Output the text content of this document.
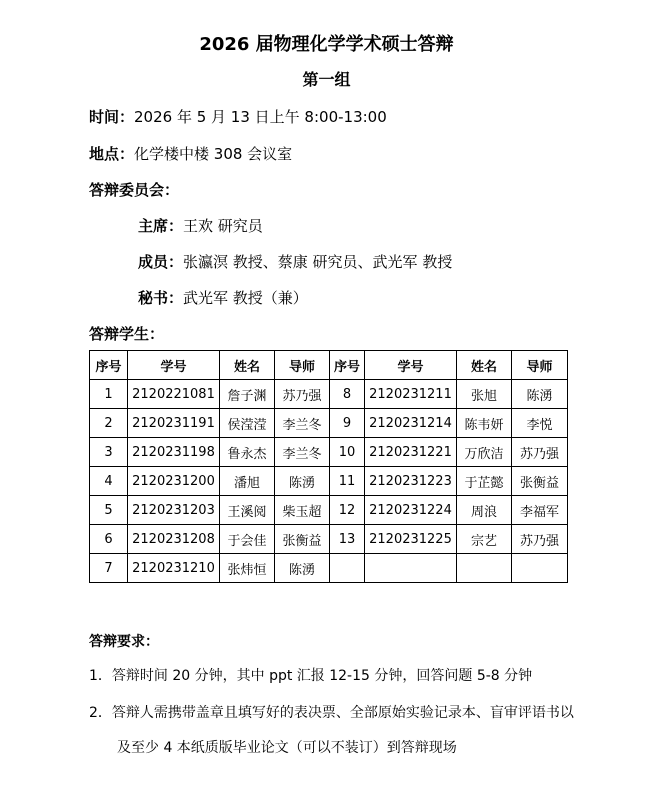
2026 届物理化学学术硕士答辩
第一组
时间：2026 年 5 月 13 日上午 8:00-13:00
地点：化学楼中楼 308 会议室
答辩委员会：
主席：王欢 研究员
成员：张瀛溟 教授、蔡康 研究员、武光军 教授
秘书：武光军 教授（兼）
答辩学生：
序号	学号	姓名	导师	序号	学号	姓名	导师
1	2120221081	詹子渊	苏乃强	8	2120231211	张旭	陈湧
2	2120231191	侯滢滢	李兰冬	9	2120231214	陈韦妍	李悦
3	2120231198	鲁永杰	李兰冬	10	2120231221	万欣洁	苏乃强
4	2120231200	潘旭	陈湧	11	2120231223	于芷懿	张衡益
5	2120231203	王溪阅	柴玉超	12	2120231224	周浪	李福军
6	2120231208	于会佳	张衡益	13	2120231225	宗艺	苏乃强
7	2120231210	张炜恒	陈湧				
答辩要求：
1．答辩时间 20 分钟，其中 ppt 汇报 12-15 分钟，回答问题 5-8 分钟
2．答辩人需携带盖章且填写好的表决票、全部原始实验记录本、盲审评语书以
及至少 4 本纸质版毕业论文（可以不装订）到答辩现场
